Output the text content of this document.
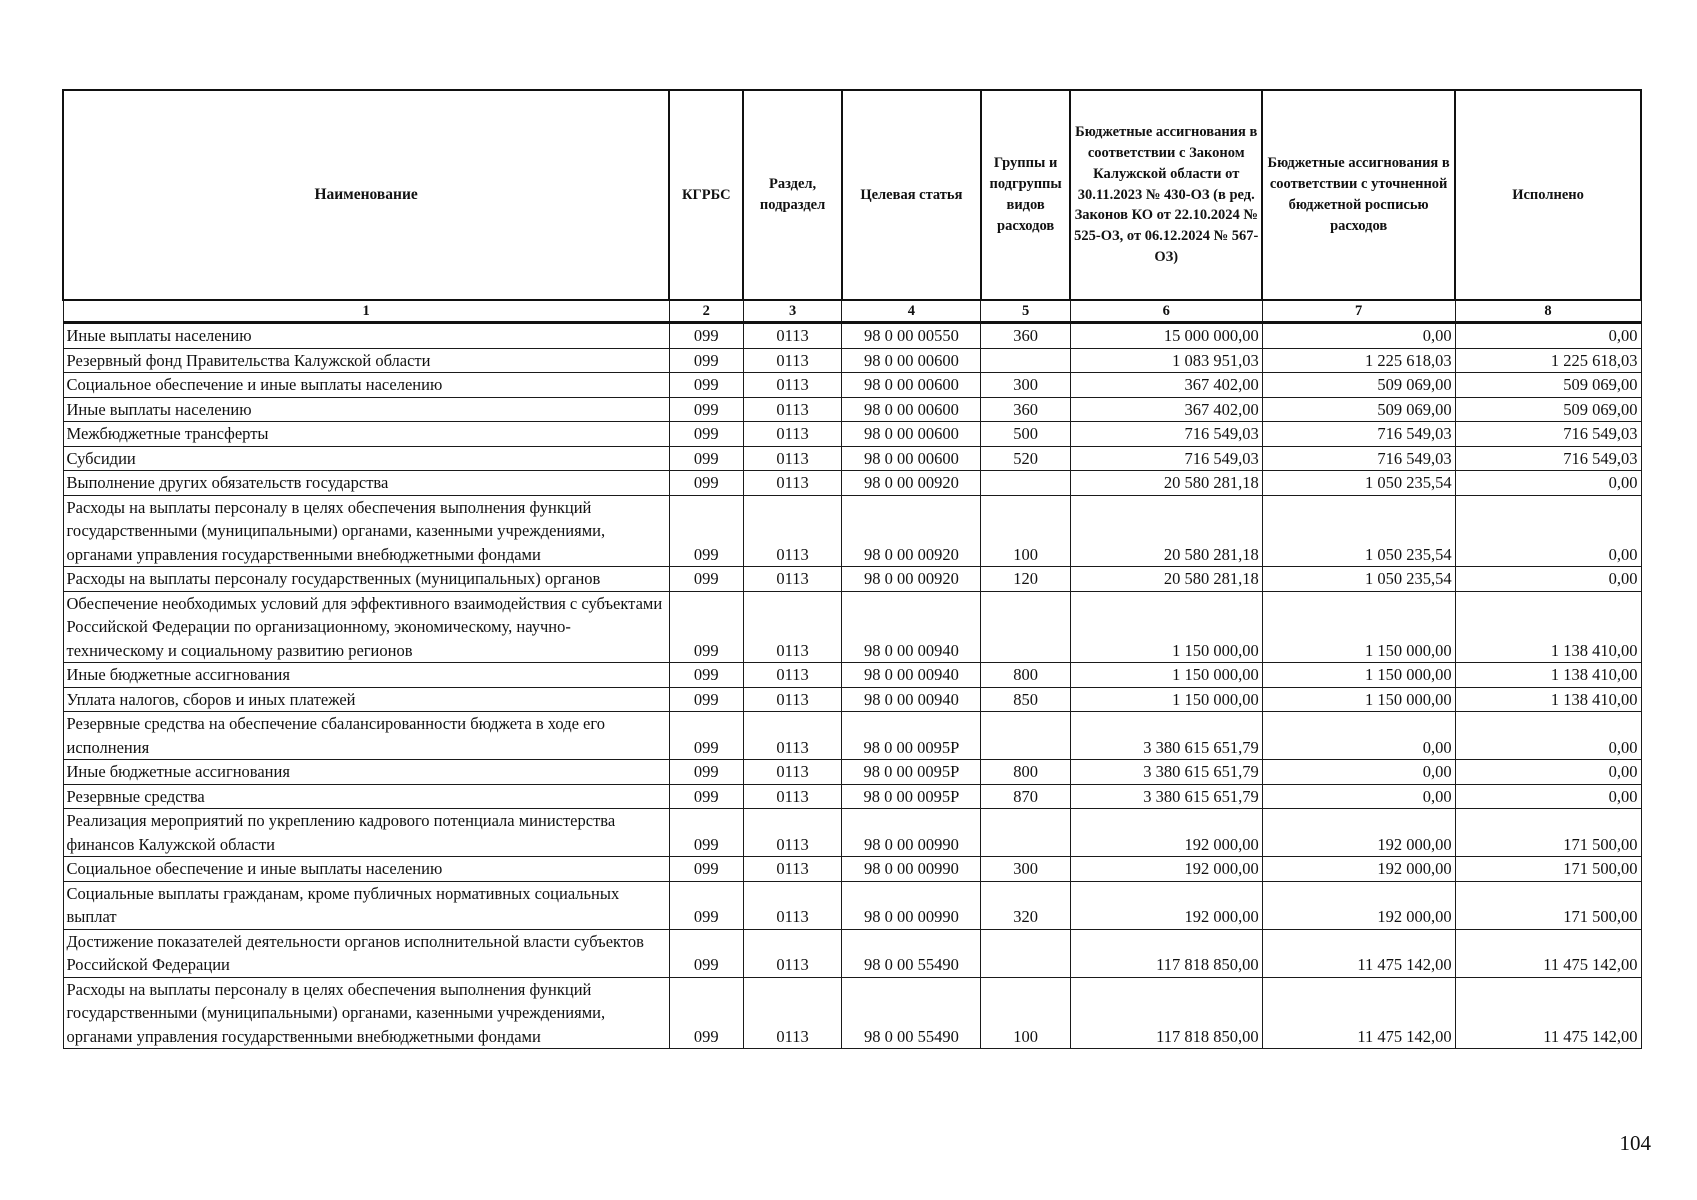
Наименование	КГРБС	Раздел, подраздел	Целевая статья	Группы и подгруппы видов расходов	Бюджетные ассигнования в соответствии с Законом Калужской области от 30.11.2023 № 430-ОЗ (в ред. Законов КО от 22.10.2024 № 525-ОЗ, от 06.12.2024 № 567-ОЗ)	Бюджетные ассигнования в соответствии с уточненной бюджетной росписью расходов	Исполнено
1	2	3	4	5	6	7	8
Иные выплаты населению	099	0113	98 0 00 00550	360	15 000 000,00	0,00	0,00
Резервный фонд Правительства Калужской области	099	0113	98 0 00 00600		1 083 951,03	1 225 618,03	1 225 618,03
Социальное обеспечение и иные выплаты населению	099	0113	98 0 00 00600	300	367 402,00	509 069,00	509 069,00
Иные выплаты населению	099	0113	98 0 00 00600	360	367 402,00	509 069,00	509 069,00
Межбюджетные трансферты	099	0113	98 0 00 00600	500	716 549,03	716 549,03	716 549,03
Субсидии	099	0113	98 0 00 00600	520	716 549,03	716 549,03	716 549,03
Выполнение других обязательств государства	099	0113	98 0 00 00920		20 580 281,18	1 050 235,54	0,00
Расходы на выплаты персоналу в целях обеспечения выполнения функций государственными (муниципальными) органами, казенными учреждениями, органами управления государственными внебюджетными фондами	099	0113	98 0 00 00920	100	20 580 281,18	1 050 235,54	0,00
Расходы на выплаты персоналу государственных (муниципальных) органов	099	0113	98 0 00 00920	120	20 580 281,18	1 050 235,54	0,00
Обеспечение необходимых условий для эффективного взаимодействия с субъектами Российской Федерации по организационному, экономическому, научно-техническому и социальному развитию регионов	099	0113	98 0 00 00940		1 150 000,00	1 150 000,00	1 138 410,00
Иные бюджетные ассигнования	099	0113	98 0 00 00940	800	1 150 000,00	1 150 000,00	1 138 410,00
Уплата налогов, сборов и иных платежей	099	0113	98 0 00 00940	850	1 150 000,00	1 150 000,00	1 138 410,00
Резервные средства на обеспечение сбалансированности бюджета в ходе его исполнения	099	0113	98 0 00 0095Р		3 380 615 651,79	0,00	0,00
Иные бюджетные ассигнования	099	0113	98 0 00 0095Р	800	3 380 615 651,79	0,00	0,00
Резервные средства	099	0113	98 0 00 0095Р	870	3 380 615 651,79	0,00	0,00
Реализация мероприятий по укреплению кадрового потенциала министерства финансов Калужской области	099	0113	98 0 00 00990		192 000,00	192 000,00	171 500,00
Социальное обеспечение и иные выплаты населению	099	0113	98 0 00 00990	300	192 000,00	192 000,00	171 500,00
Социальные выплаты гражданам, кроме публичных нормативных социальных выплат	099	0113	98 0 00 00990	320	192 000,00	192 000,00	171 500,00
Достижение показателей деятельности органов исполнительной власти субъектов Российской Федерации	099	0113	98 0 00 55490		117 818 850,00	11 475 142,00	11 475 142,00
Расходы на выплаты персоналу в целях обеспечения выполнения функций государственными (муниципальными) органами, казенными учреждениями, органами управления государственными внебюджетными фондами	099	0113	98 0 00 55490	100	117 818 850,00	11 475 142,00	11 475 142,00
104
